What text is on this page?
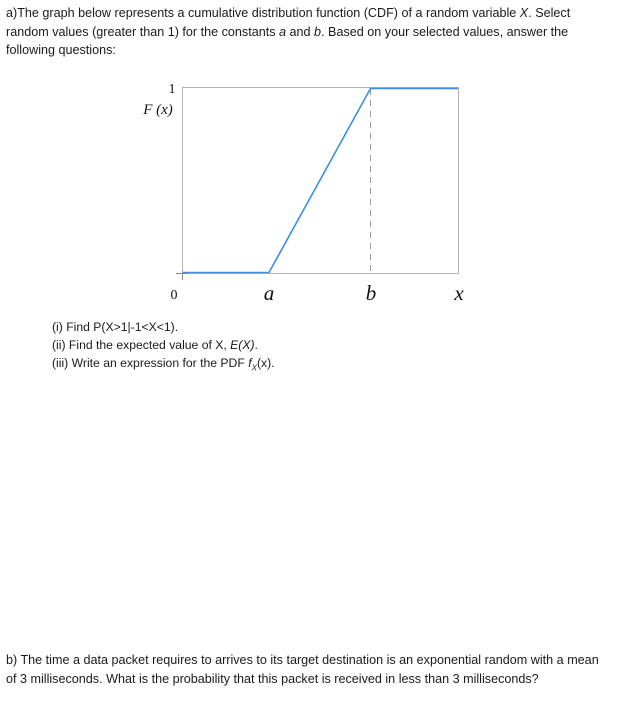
a)The graph below represents a cumulative distribution function (CDF) of a random variable X. Select random values (greater than 1) for the constants a and b. Based on your selected values, answer the following questions:
1
F (x)
0	a	b	x
(i) Find P(X>1|-1<X<1).
(ii) Find the expected value of X, E(X).
(iii) Write an expression for the PDF $f_X(x)$.
b) The time a data packet requires to arrives to its target destination is an exponential random with a mean of 3 milliseconds. What is the probability that this packet is received in less than 3 milliseconds?
